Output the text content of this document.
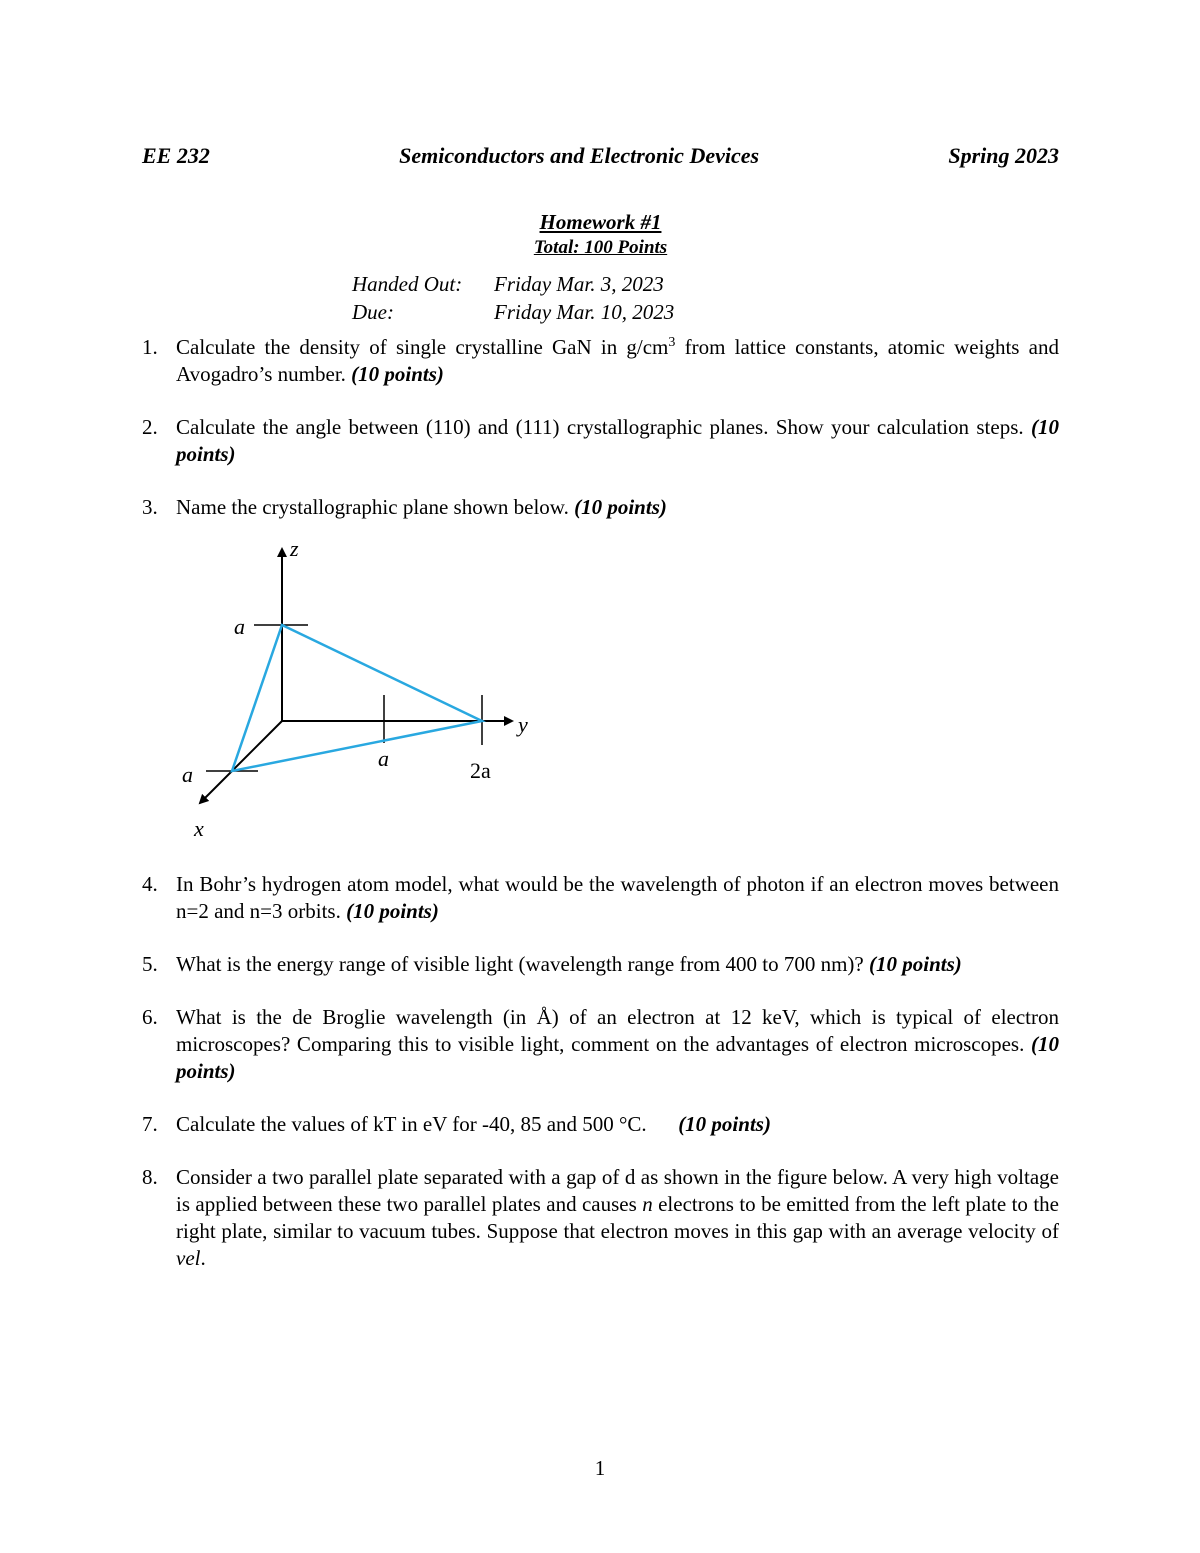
EE 232	Semiconductors and Electronic Devices	Spring 2023
Homework #1
Total: 100 Points
Handed Out:	Friday Mar. 3, 2023
Due:	Friday Mar. 10, 2023
1. Calculate the density of single crystalline GaN in $g/cm^3$ from lattice constants, atomic weights and Avogadro’s number. (10 points)
2. Calculate the angle between (110) and (111) crystallographic planes. Show your calculation steps. (10 points)
3. Name the crystallographic plane shown below. (10 points)
z
a
y
a	2a
a
x
4. In Bohr’s hydrogen atom model, what would be the wavelength of photon if an electron moves between n=2 and n=3 orbits. (10 points)
5. What is the energy range of visible light (wavelength range from 400 to 700 nm)? (10 points)
6. What is the de Broglie wavelength (in Å) of an electron at 12 keV, which is typical of electron microscopes? Comparing this to visible light, comment on the advantages of electron microscopes. (10 points)
7. Calculate the values of kT in eV for -40, 85 and 500 °C.      (10 points)
8. Consider a two parallel plate separated with a gap of d as shown in the figure below. A very high voltage is applied between these two parallel plates and causes n electrons to be emitted from the left plate to the right plate, similar to vacuum tubes. Suppose that electron moves in this gap with an average velocity of vel.
1
